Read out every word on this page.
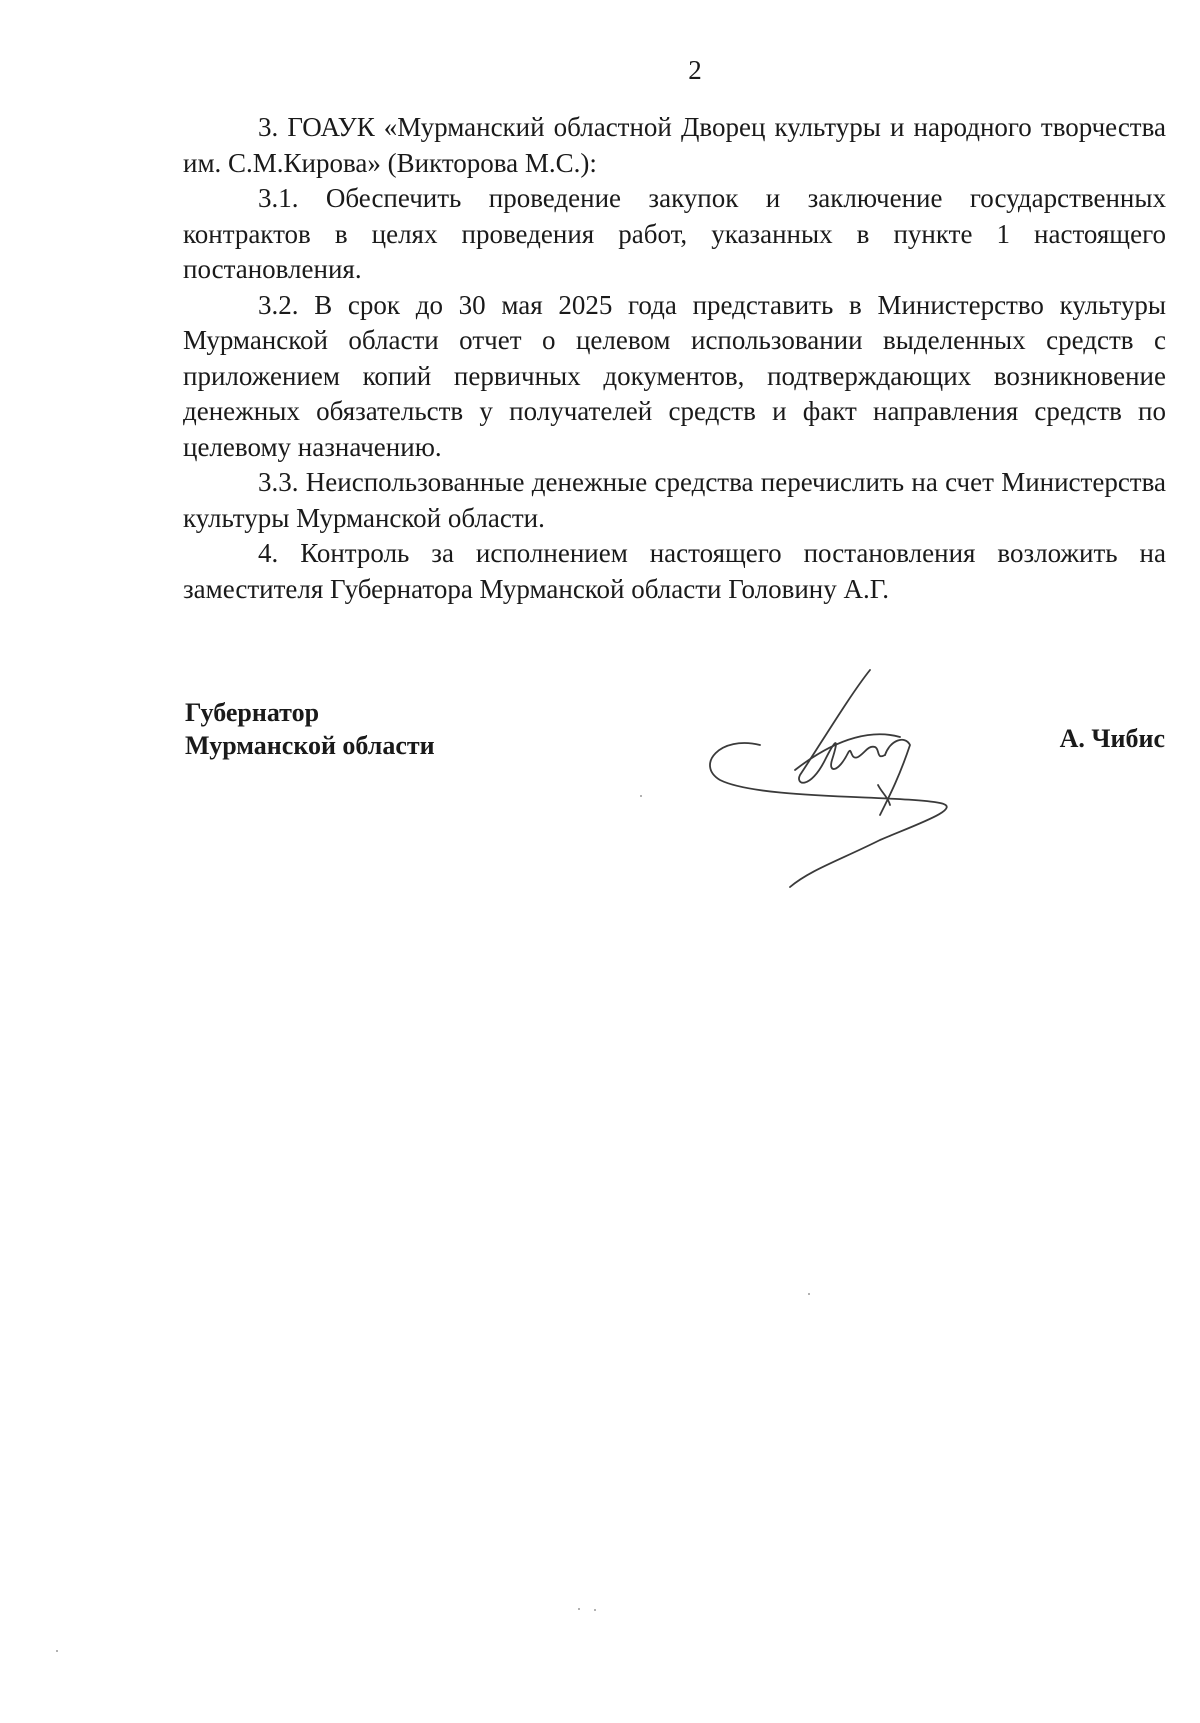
2

3. ГОАУК «Мурманский областной Дворец культуры и народного творчества им. С.М.Кирова» (Викторова М.С.):

3.1. Обеспечить проведение закупок и заключение государственных контрактов в целях проведения работ, указанных в пункте 1 настоящего постановления.

3.2. В срок до 30 мая 2025 года представить в Министерство культуры Мурманской области отчет о целевом использовании выделенных средств с приложением копий первичных документов, подтверждающих возникновение денежных обязательств у получателей средств и факт направления средств по целевому назначению.

3.3. Неиспользованные денежные средства перечислить на счет Министерства культуры Мурманской области.

4. Контроль за исполнением настоящего постановления возложить на заместителя Губернатора Мурманской области Головину А.Г.

Губернатор
Мурманской области	А. Чибис
